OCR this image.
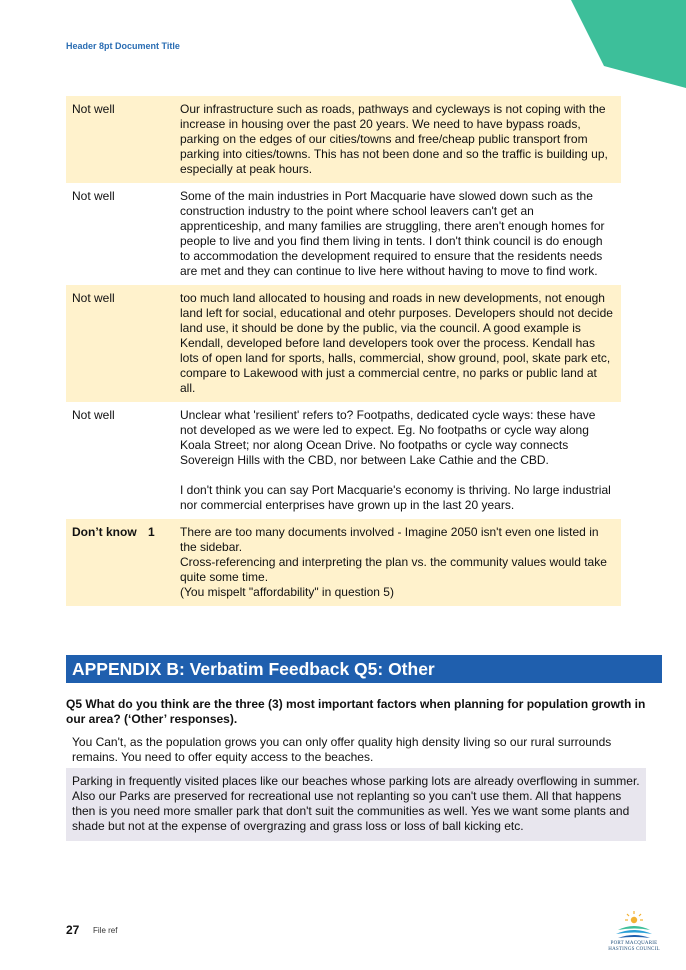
Header 8pt Document Title
Not well	Our infrastructure such as roads, pathways and cycleways is not coping with the increase in housing over the past 20 years. We need to have bypass roads, parking on the edges of our cities/towns and free/cheap public transport from parking into cities/towns. This has not been done and so the traffic is building up, especially at peak hours.

Not well	Some of the main industries in Port Macquarie have slowed down such as the construction industry to the point where school leavers can't get an apprenticeship, and many families are struggling, there aren't enough homes for people to live and you find them living in tents. I don't think council is do enough to accommodation the development required to ensure that the residents needs are met and they can continue to live here without having to move to find work.

Not well	too much land allocated to housing and roads in new developments, not enough land left for social, educational and otehr purposes. Developers should not decide land use, it should be done by the public, via the council. A good example is Kendall, developed before land developers took over the process. Kendall has lots of open land for sports, halls, commercial, show ground, pool, skate park etc, compare to Lakewood with just a commercial centre, no parks or public land at all.

Not well	Unclear what 'resilient' refers to? Footpaths, dedicated cycle ways: these have not developed as we were led to expect. Eg. No footpaths or cycle way along Koala Street; nor along Ocean Drive. No footpaths or cycle way connects Sovereign Hills with the CBD, nor between Lake Cathie and the CBD.

I don't think you can say Port Macquarie's economy is thriving. No large industrial nor commercial enterprises have grown up in the last 20 years.

Don’t know 1	There are too many documents involved - Imagine 2050 isn't even one listed in the sidebar.
Cross-referencing and interpreting the plan vs. the community values would take quite some time.
(You mispelt "affordability" in question 5)

APPENDIX B: Verbatim Feedback Q5: Other
Q5 What do you think are the three (3) most important factors when planning for population growth in our area? (‘Other’ responses).
You Can't, as the population grows you can only offer quality high density living so our rural surrounds remains. You need to offer equity access to the beaches.
Parking in frequently visited places like our beaches whose parking lots are already overflowing in summer. Also our Parks are preserved for recreational use not replanting so you can't use them. All that happens then is you need more smaller park that don't suit the communities as well. Yes we want some plants and shade but not at the expense of overgrazing and grass loss or loss of ball kicking etc.
27 File ref
PORT MACQUARIE
HASTINGS COUNCIL
